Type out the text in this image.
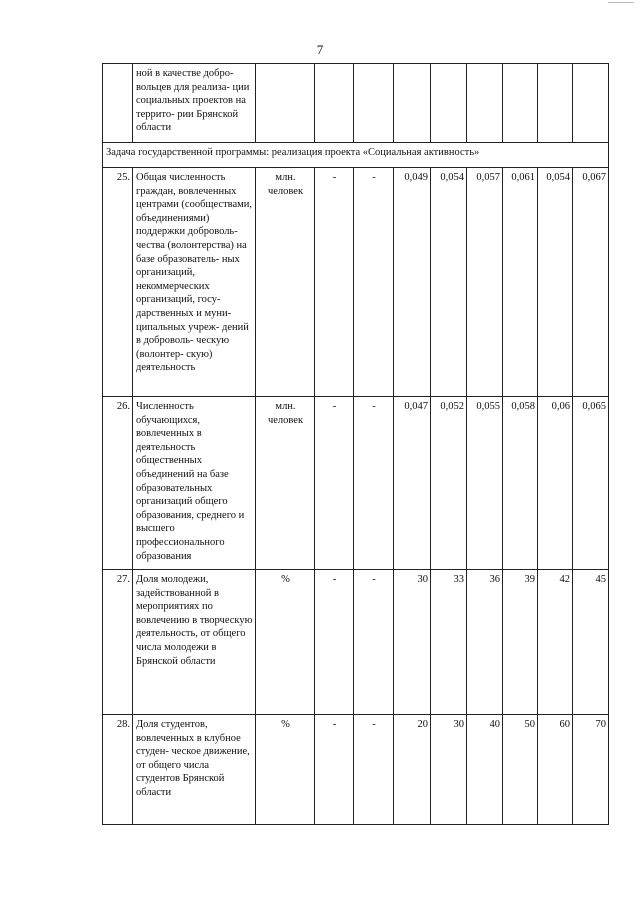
7
	ной в качестве добро- вольцев для реализа- ции социальных проектов на террито- рии Брянской области									
Задача государственной программы: реализация проекта «Социальная активность»										
25.	Общая численность граждан, вовлеченных центрами (сообществами, объединениями) поддержки доброволь- чества (волонтерства) на базе образователь- ных организаций, некоммерческих организаций, госу- дарственных и муни- ципальных учреж- дений в доброволь- ческую (волонтер- скую) деятельность	млн. человек	-	-	0,049	0,054	0,057	0,061	0,054	0,067
26.	Численность обучающихся, вовлеченных в деятельность общественных объединений на базе образовательных организаций общего образования, среднего и высшего профессионального образования	млн. человек	-	-	0,047	0,052	0,055	0,058	0,06	0,065
27.	Доля молодежи, задействованной в мероприятиях по вовлечению в творческую деятельность, от общего числа молодежи в Брянской области	%	-	-	30	33	36	39	42	45
28.	Доля студентов, вовлеченных в клубное студен- ческое движение, от общего числа студентов Брянской области	%	-	-	20	30	40	50	60	70
